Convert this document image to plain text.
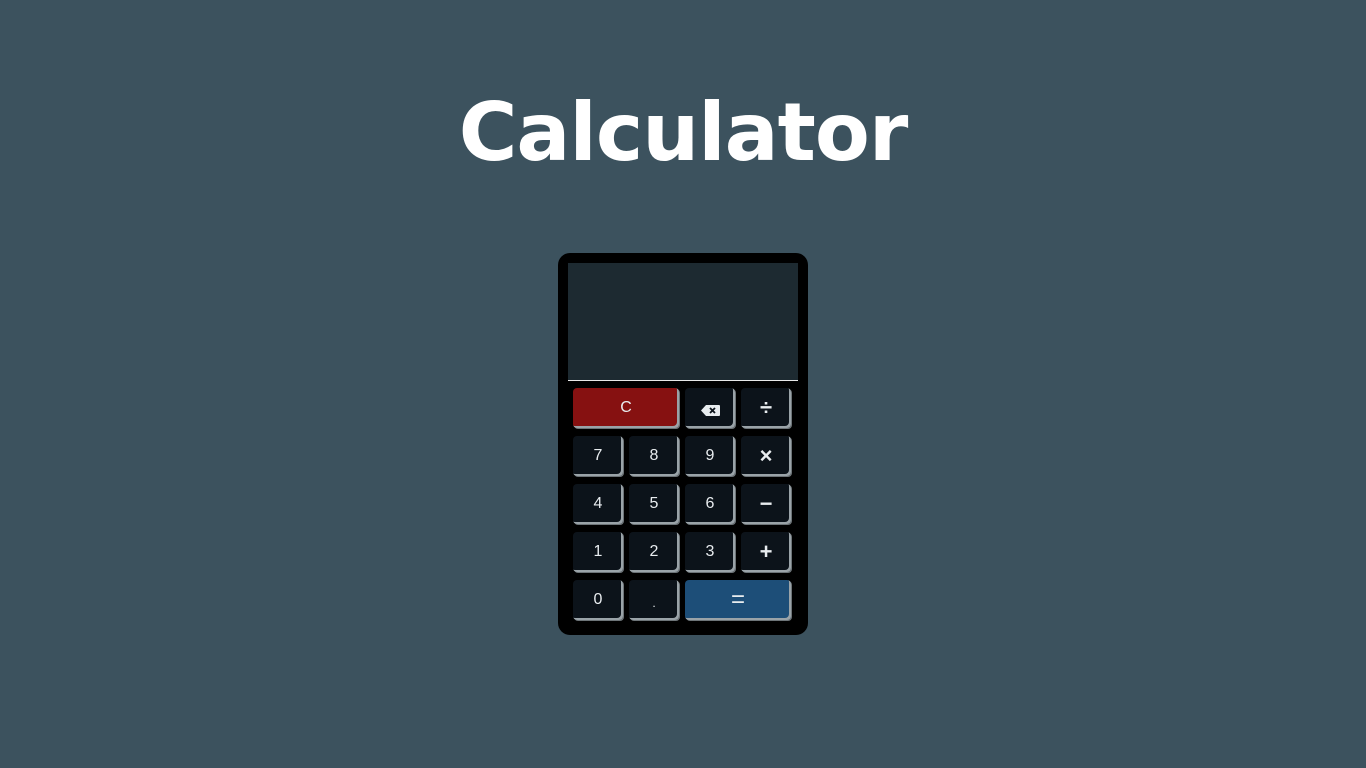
Calculator
C	÷
7	8	9	×
4	5	6	−
1	2	3	+
0	.	=
